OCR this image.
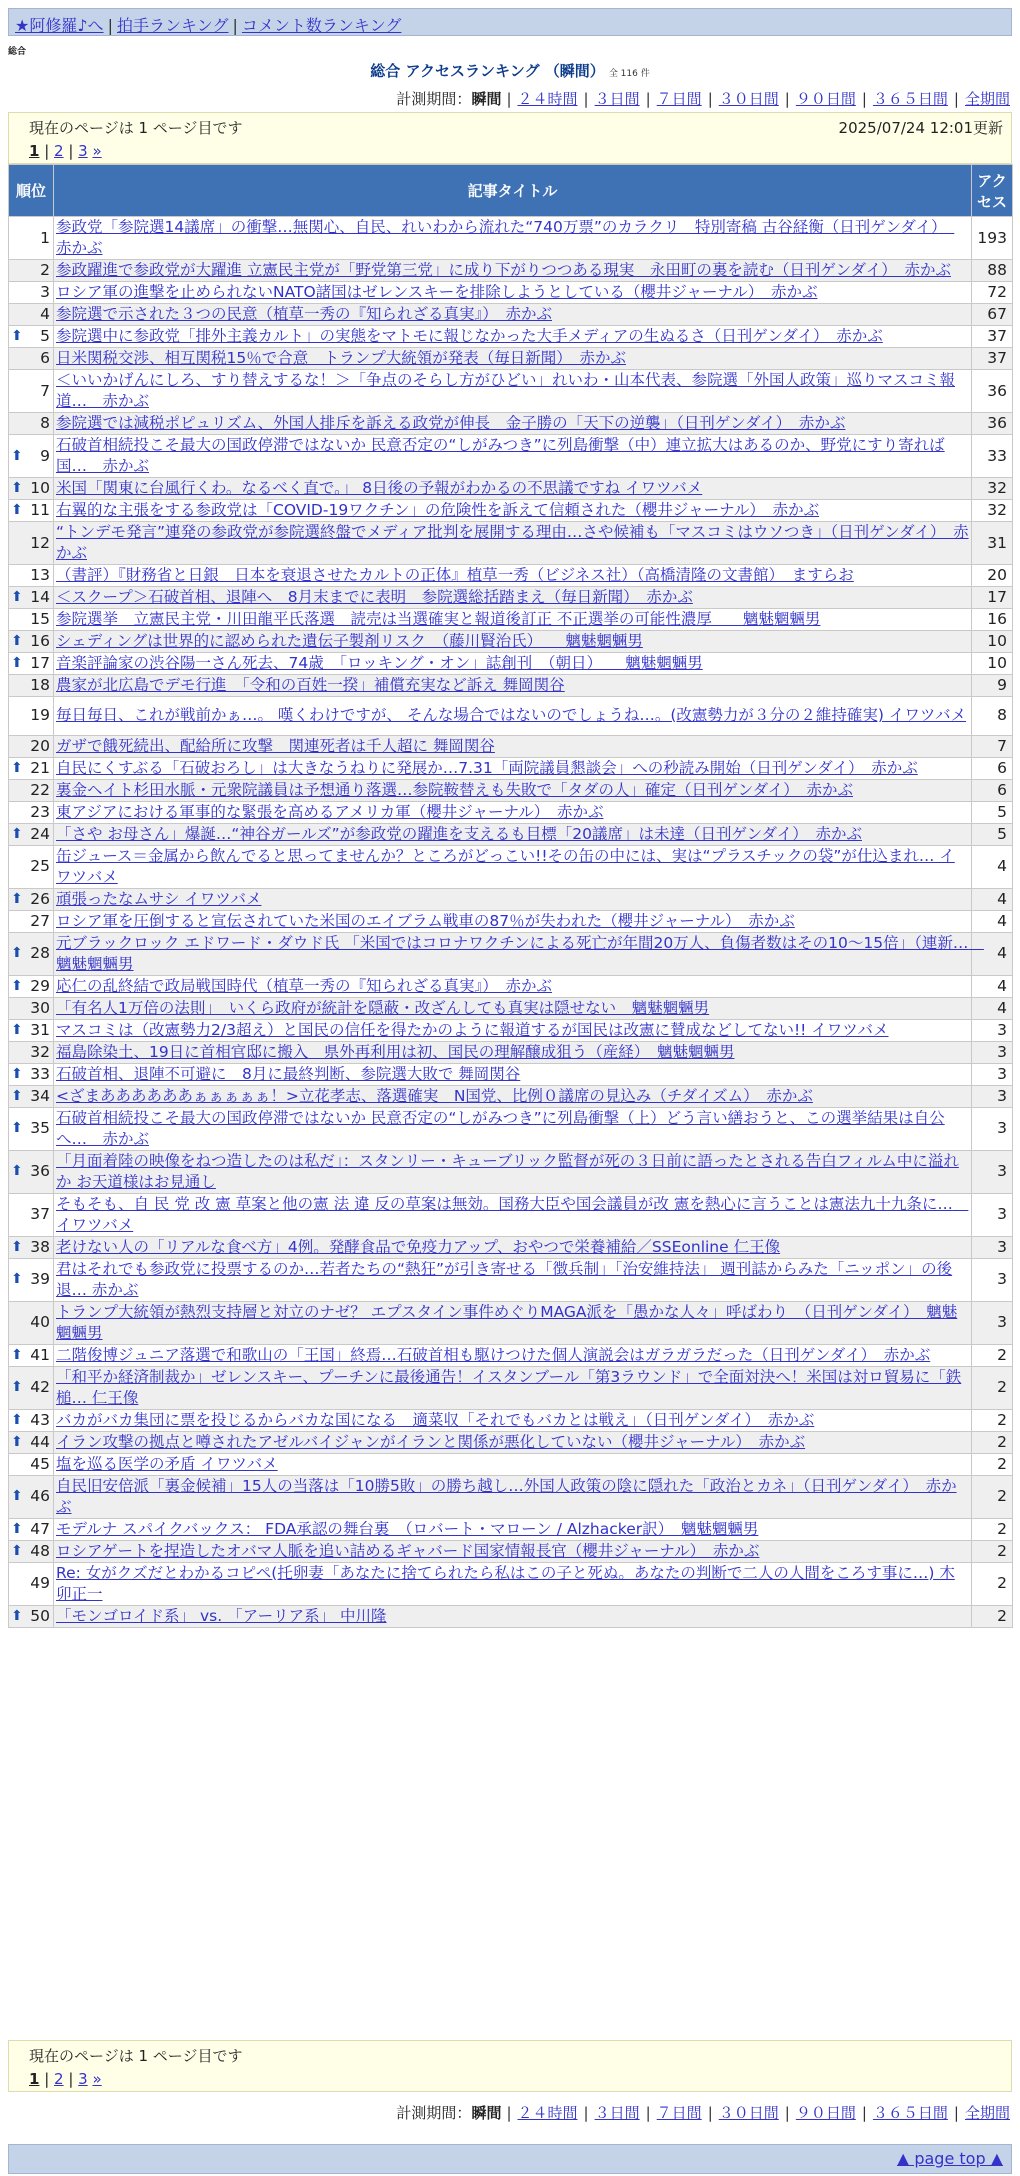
★阿修羅♪へ | 拍手ランキング | コメント数ランキング
総合
総合 アクセスランキング （瞬間） 全 116 件
計測期間：瞬間 | ２４時間 | ３日間 | ７日間 | ３０日間 | ９０日間 | ３６５日間 | 全期間
現在のページは 1 ページ目です
1 | 2 | 3 »
2025/07/24 12:01更新
順位	記事タイトル	アクセス
1	参政党「参院選14議席」の衝撃…無関心、自民、れいわから流れた“740万票”のカラクリ　特別寄稿 古谷経衡（日刊ゲンダイ）　赤かぶ	193
2	参政躍進で参政党が大躍進 立憲民主党が「野党第三党」に成り下がりつつある現実　永田町の裏を読む（日刊ゲンダイ）　赤かぶ	88
3	ロシア軍の進撃を止められないNATO諸国はゼレンスキーを排除しようとしている（櫻井ジャーナル）　赤かぶ	72
4	参院選で示された３つの民意（植草一秀の『知られざる真実』）　赤かぶ	67

⬆ 5	参院選中に参政党「排外主義カルト」の実態をマトモに報じなかった大手メディアの生ぬるさ（日刊ゲンダイ）　赤かぶ	37
6	日米関税交渉、相互関税15％で合意　トランプ大統領が発表（毎日新聞）　赤かぶ	37
7	＜いいかげんにしろ、すり替えするな！＞「争点のそらし方がひどい」れいわ・山本代表、参院選「外国人政策」巡りマスコミ報道…　赤かぶ	36
8	参院選では減税ポピュリズム、外国人排斥を訴える政党が伸長　金子勝の「天下の逆襲」（日刊ゲンダイ）　赤かぶ	36

⬆ 9	石破首相続投こそ最大の国政停滞ではないか 民意否定の“しがみつき”に列島衝撃（中）連立拡大はあるのか、野党にすり寄れば国…　赤かぶ	33

⬆ 10	米国「関東に台風行くわ。なるべく直で。」 8日後の予報がわかるの不思議ですね イワツバメ	32

⬆ 11	右翼的な主張をする参政党は「COVID-19ワクチン」の危険性を訴えて信頼された（櫻井ジャーナル）　赤かぶ	32
12	“トンデモ発言”連発の参政党が参院選終盤でメディア批判を展開する理由…さや候補も「マスコミはウソつき」（日刊ゲンダイ）　赤かぶ	31
13	（書評）『財務省と日銀　日本を衰退させたカルトの正体』植草一秀（ビジネス社）（高橋清隆の文書館）　ますらお	20

⬆ 14	＜スクープ＞石破首相、退陣へ　8月末までに表明　参院選総括踏まえ（毎日新聞）　赤かぶ	17
15	参院選挙　立憲民主党・川田龍平氏落選　読売は当選確実と報道後訂正 不正選挙の可能性濃厚　　魑魅魍魎男	16

⬆ 16	シェディングは世界的に認められた遺伝子製剤リスク　（藤川賢治氏）　　魑魅魍魎男	10

⬆ 17	音楽評論家の渋谷陽一さん死去、74歳　「ロッキング・オン」誌創刊　（朝日）　　魑魅魍魎男	10
18	農家が北広島でデモ行進　「令和の百姓一揆」補償充実など訴え 舞岡関谷	9
19	毎日毎日、これが戦前かぁ…。 嘆くわけですが、 そんな場合ではないのでしょうね…。(改憲勢力が３分の２維持確実) イワツバメ	8
20	ガザで餓死続出、配給所に攻撃　関連死者は千人超に 舞岡関谷	7

⬆ 21	自民にくすぶる「石破おろし」は大きなうねりに発展か…7.31「両院議員懇談会」への秒読み開始（日刊ゲンダイ）　赤かぶ	6
22	裏金ヘイト杉田水脈・元衆院議員は予想通り落選…参院鞍替えも失敗で「タダの人」確定（日刊ゲンダイ）　赤かぶ	6
23	東アジアにおける軍事的な緊張を高めるアメリカ軍（櫻井ジャーナル）　赤かぶ	5

⬆ 24	「さや お母さん」爆誕…“神谷ガールズ”が参政党の躍進を支えるも目標「20議席」は未達（日刊ゲンダイ）　赤かぶ	5
25	缶ジュース＝金属から飲んでると思ってませんか？ところがどっこい!!その缶の中には、実は“プラスチックの袋”が仕込まれ… イワツバメ	4

⬆ 26	頑張ったなムサシ イワツバメ	4
27	ロシア軍を圧倒すると宣伝されていた米国のエイブラム戦車の87％が失われた（櫻井ジャーナル）　赤かぶ	4

⬆ 28	元ブラックロック エドワード・ダウド氏 「米国ではコロナワクチンによる死亡が年間20万人、負傷者数はその10～15倍」（連新…　魑魅魍魎男	4

⬆ 29	応仁の乱終結で政局戦国時代（植草一秀の『知られざる真実』）　赤かぶ	4
30	「有名人1万倍の法則」　いくら政府が統計を隠蔽・改ざんしても真実は隠せない　魑魅魍魎男	4

⬆ 31	マスコミは（改憲勢力2/3超え）と国民の信任を得たかのように報道するが国民は改憲に賛成などしてない!! イワツバメ	3
32	福島除染土、19日に首相官邸に搬入　県外再利用は初、国民の理解醸成狙う（産経）　魑魅魍魎男	3

⬆ 33	石破首相、退陣不可避に　8月に最終判断、参院選大敗で 舞岡関谷	3

⬆ 34	<ざまああああああぁぁぁぁぁ！>立花孝志、落選確実　N国党、比例０議席の見込み（チダイズム）　赤かぶ	3

⬆ 35	石破首相続投こそ最大の国政停滞ではないか 民意否定の“しがみつき”に列島衝撃（上）どう言い繕おうと、この選挙結果は自公へ…　赤かぶ	3

⬆ 36	「月面着陸の映像をねつ造したのは私だ」：スタンリー・キューブリック監督が死の３日前に語ったとされる告白フィルム中に溢れか お天道様はお見通し	3
37	そもそも、自 民 党 改 憲 草案と他の憲 法 違 反の草案は無効。国務大臣や国会議員が改 憲を熱心に言うことは憲法九十九条に…　イワツバメ	3

⬆ 38	老けない人の「リアルな食べ方」4例。発酵食品で免疫力アップ、おやつで栄養補給／SSEonline 仁王像	3

⬆ 39	君はそれでも参政党に投票するのか…若者たちの“熱狂”が引き寄せる「徴兵制」「治安維持法」 週刊誌からみた「ニッポン」の後退… 赤かぶ	3
40	トランプ大統領が熱烈支持層と対立のナゼ？ エプスタイン事件めぐりMAGA派を「愚かな人々」呼ばわり　（日刊ゲンダイ）　魑魅魍魎男	3

⬆ 41	二階俊博ジュニア落選で和歌山の「王国」終焉…石破首相も駆けつけた個人演説会はガラガラだった（日刊ゲンダイ）　赤かぶ	2

⬆ 42	「和平か経済制裁か」ゼレンスキー、プーチンに最後通告！イスタンブール「第3ラウンド」で全面対決へ！米国は対ロ貿易に「鉄槌… 仁王像	2

⬆ 43	バカがバカ集団に票を投じるからバカな国になる　適菜収「それでもバカとは戦え」（日刊ゲンダイ）　赤かぶ	2

⬆ 44	イラン攻撃の拠点と噂されたアゼルバイジャンがイランと関係が悪化していない（櫻井ジャーナル）　赤かぶ	2
45	塩を巡る医学の矛盾 イワツバメ	2

⬆ 46	自民旧安倍派「裏金候補」15人の当落は「10勝5敗」の勝ち越し…外国人政策の陰に隠れた「政治とカネ」（日刊ゲンダイ）　赤かぶ	2

⬆ 47	モデルナ スパイクバックス： FDA承認の舞台裏　（ロバート・マローン / Alzhacker訳）　魑魅魍魎男	2

⬆ 48	ロシアゲートを捏造したオバマ人脈を追い詰めるギャバード国家情報長官（櫻井ジャーナル）　赤かぶ	2
49	Re: 女がクズだとわかるコピペ(托卵妻「あなたに捨てられたら私はこの子と死ぬ。あなたの判断で二人の人間をころす事に…) 木卯正一	2

⬆ 50	「モンゴロイド系」 vs. 「アーリア系」 中川隆	2
現在のページは 1 ページ目です
1 | 2 | 3 »
計測期間：瞬間 | ２４時間 | ３日間 | ７日間 | ３０日間 | ９０日間 | ３６５日間 | 全期間
▲ page top ▲
